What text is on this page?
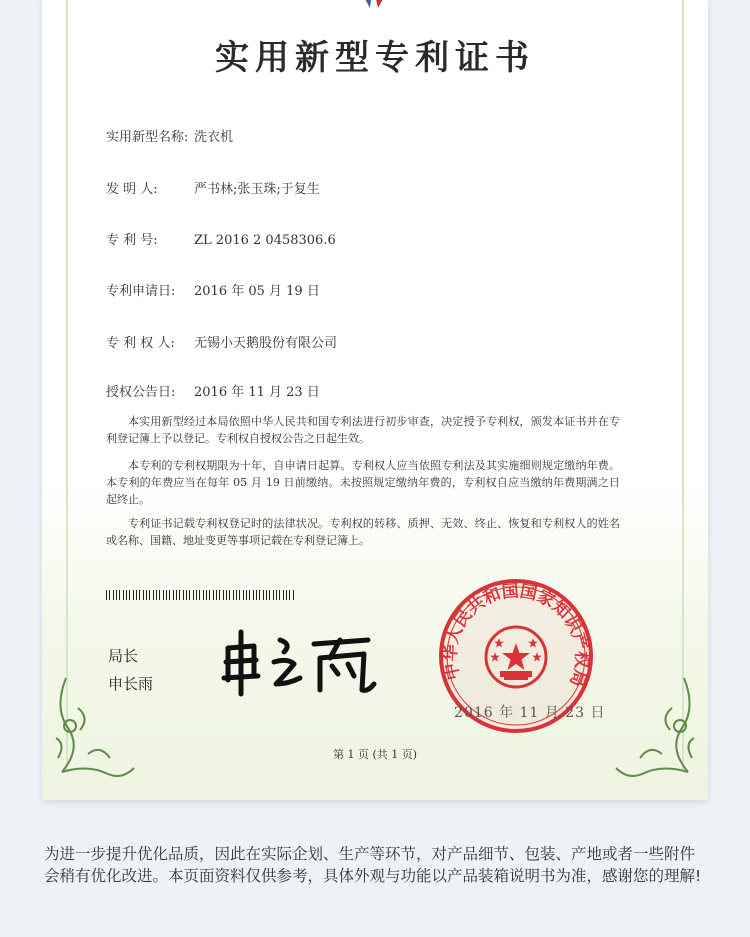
实用新型专利证书
实用新型名称: 洗衣机
发 明 人:	严书林;张玉珠;于复生
专 利 号:	ZL 2016 2 0458306.6
专利申请日: 2016 年 05 月 19 日
专 利 权 人: 无锡小天鹅股份有限公司
授权公告日: 2016 年 11 月 23 日
本实用新型经过本局依照中华人民共和国专利法进行初步审查，决定授予专利权，颁发本证书并在专利登记簿上予以登记。专利权自授权公告之日起生效。
本专利的专利权期限为十年，自申请日起算。专利权人应当依照专利法及其实施细则规定缴纳年费。本专利的年费应当在每年 05 月 19 日前缴纳。未按照规定缴纳年费的，专利权自应当缴纳年费期满之日起终止。
专利证书记载专利权登记时的法律状况。专利权的转移、质押、无效、终止、恢复和专利权人的姓名或名称、国籍、地址变更等事项记载在专利登记簿上。
局长
申长雨
中华人民共和国国家知识产权局
2016 年 11 月 23 日
第 1 页 (共 1 页)
为进一步提升优化品质，因此在实际企划、生产等环节，对产品细节、包装、产地或者一些附件会稍有优化改进。本页面资料仅供参考，具体外观与功能以产品装箱说明书为准，感谢您的理解!
